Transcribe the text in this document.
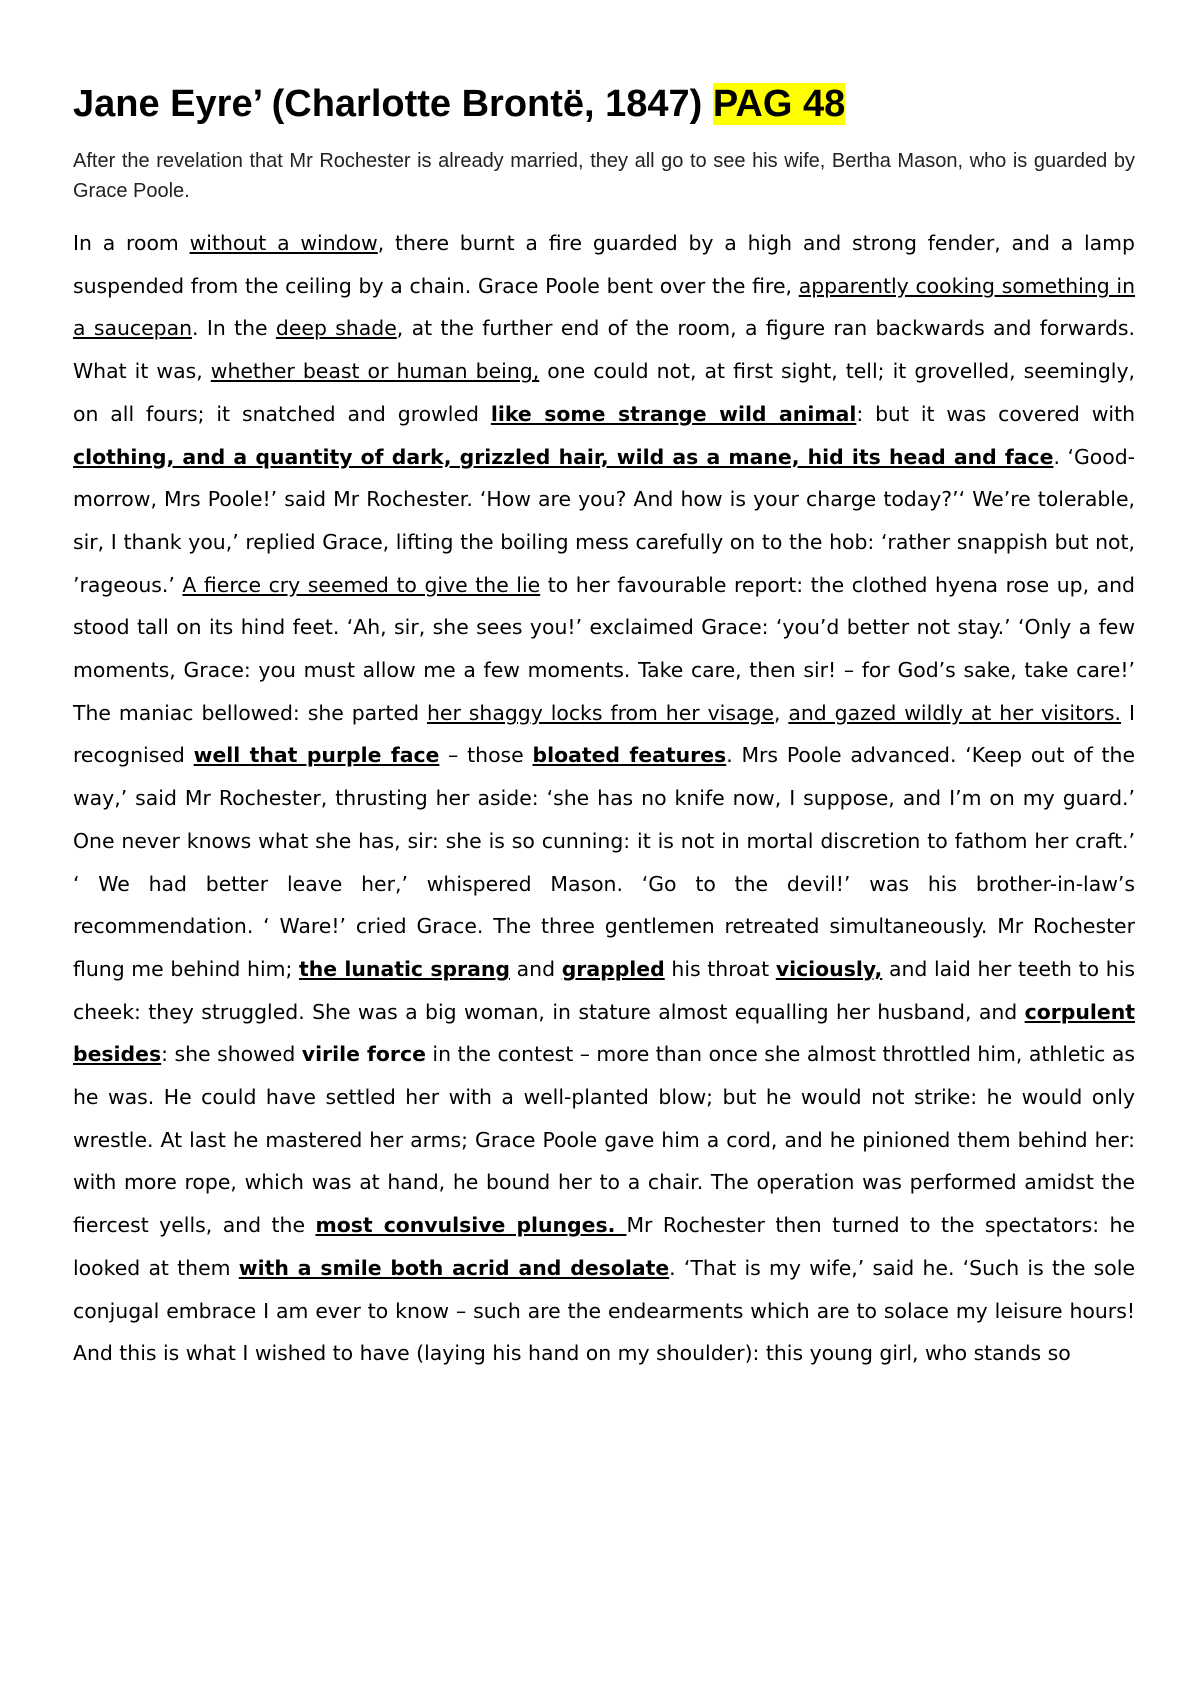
Jane Eyre’ (Charlotte Brontë, 1847) PAG 48

After the revelation that Mr Rochester is already married, they all go to see his wife, Bertha Mason, who is guarded by Grace Poole.

In a room without a window, there burnt a fire guarded by a high and strong fender, and a lamp suspended from the ceiling by a chain. Grace Poole bent over the fire, apparently cooking something in a saucepan. In the deep shade, at the further end of the room, a figure ran backwards and forwards. What it was, whether beast or human being, one could not, at first sight, tell; it grovelled, seemingly, on all fours; it snatched and growled like some strange wild animal: but it was covered with clothing, and a quantity of dark, grizzled hair, wild as a mane, hid its head and face. ‘Good-morrow, Mrs Poole!’ said Mr Rochester. ‘How are you? And how is your charge today?’‘ We’re tolerable, sir, I thank you,’ replied Grace, lifting the boiling mess carefully on to the hob: ‘rather snappish but not, ’rageous.’ A fierce cry seemed to give the lie to her favourable report: the clothed hyena rose up, and stood tall on its hind feet. ‘Ah, sir, she sees you!’ exclaimed Grace: ‘you’d better not stay.’ ‘Only a few moments, Grace: you must allow me a few moments. Take care, then sir! – for God’s sake, take care!’ The maniac bellowed: she parted her shaggy locks from her visage, and gazed wildly at her visitors. I recognised well that purple face – those bloated features. Mrs Poole advanced. ‘Keep out of the way,’ said Mr Rochester, thrusting her aside: ‘she has no knife now, I suppose, and I’m on my guard.’ One never knows what she has, sir: she is so cunning: it is not in mortal discretion to fathom her craft.’ ‘ We had better leave her,’ whispered Mason. ‘Go to the devil!’ was his brother-in-law’s recommendation. ‘ Ware!’ cried Grace. The three gentlemen retreated simultaneously. Mr Rochester flung me behind him; the lunatic sprang and grappled his throat viciously, and laid her teeth to his cheek: they struggled. She was a big woman, in stature almost equalling her husband, and corpulent besides: she showed virile force in the contest – more than once she almost throttled him, athletic as he was. He could have settled her with a well-planted blow; but he would not strike: he would only wrestle. At last he mastered her arms; Grace Poole gave him a cord, and he pinioned them behind her: with more rope, which was at hand, he bound her to a chair. The operation was performed amidst the fiercest yells, and the most convulsive plunges. Mr Rochester then turned to the spectators: he looked at them with a smile both acrid and desolate. ‘That is my wife,’ said he. ‘Such is the sole conjugal embrace I am ever to know – such are the endearments which are to solace my leisure hours! And this is what I wished to have (laying his hand on my shoulder): this young girl, who stands so
